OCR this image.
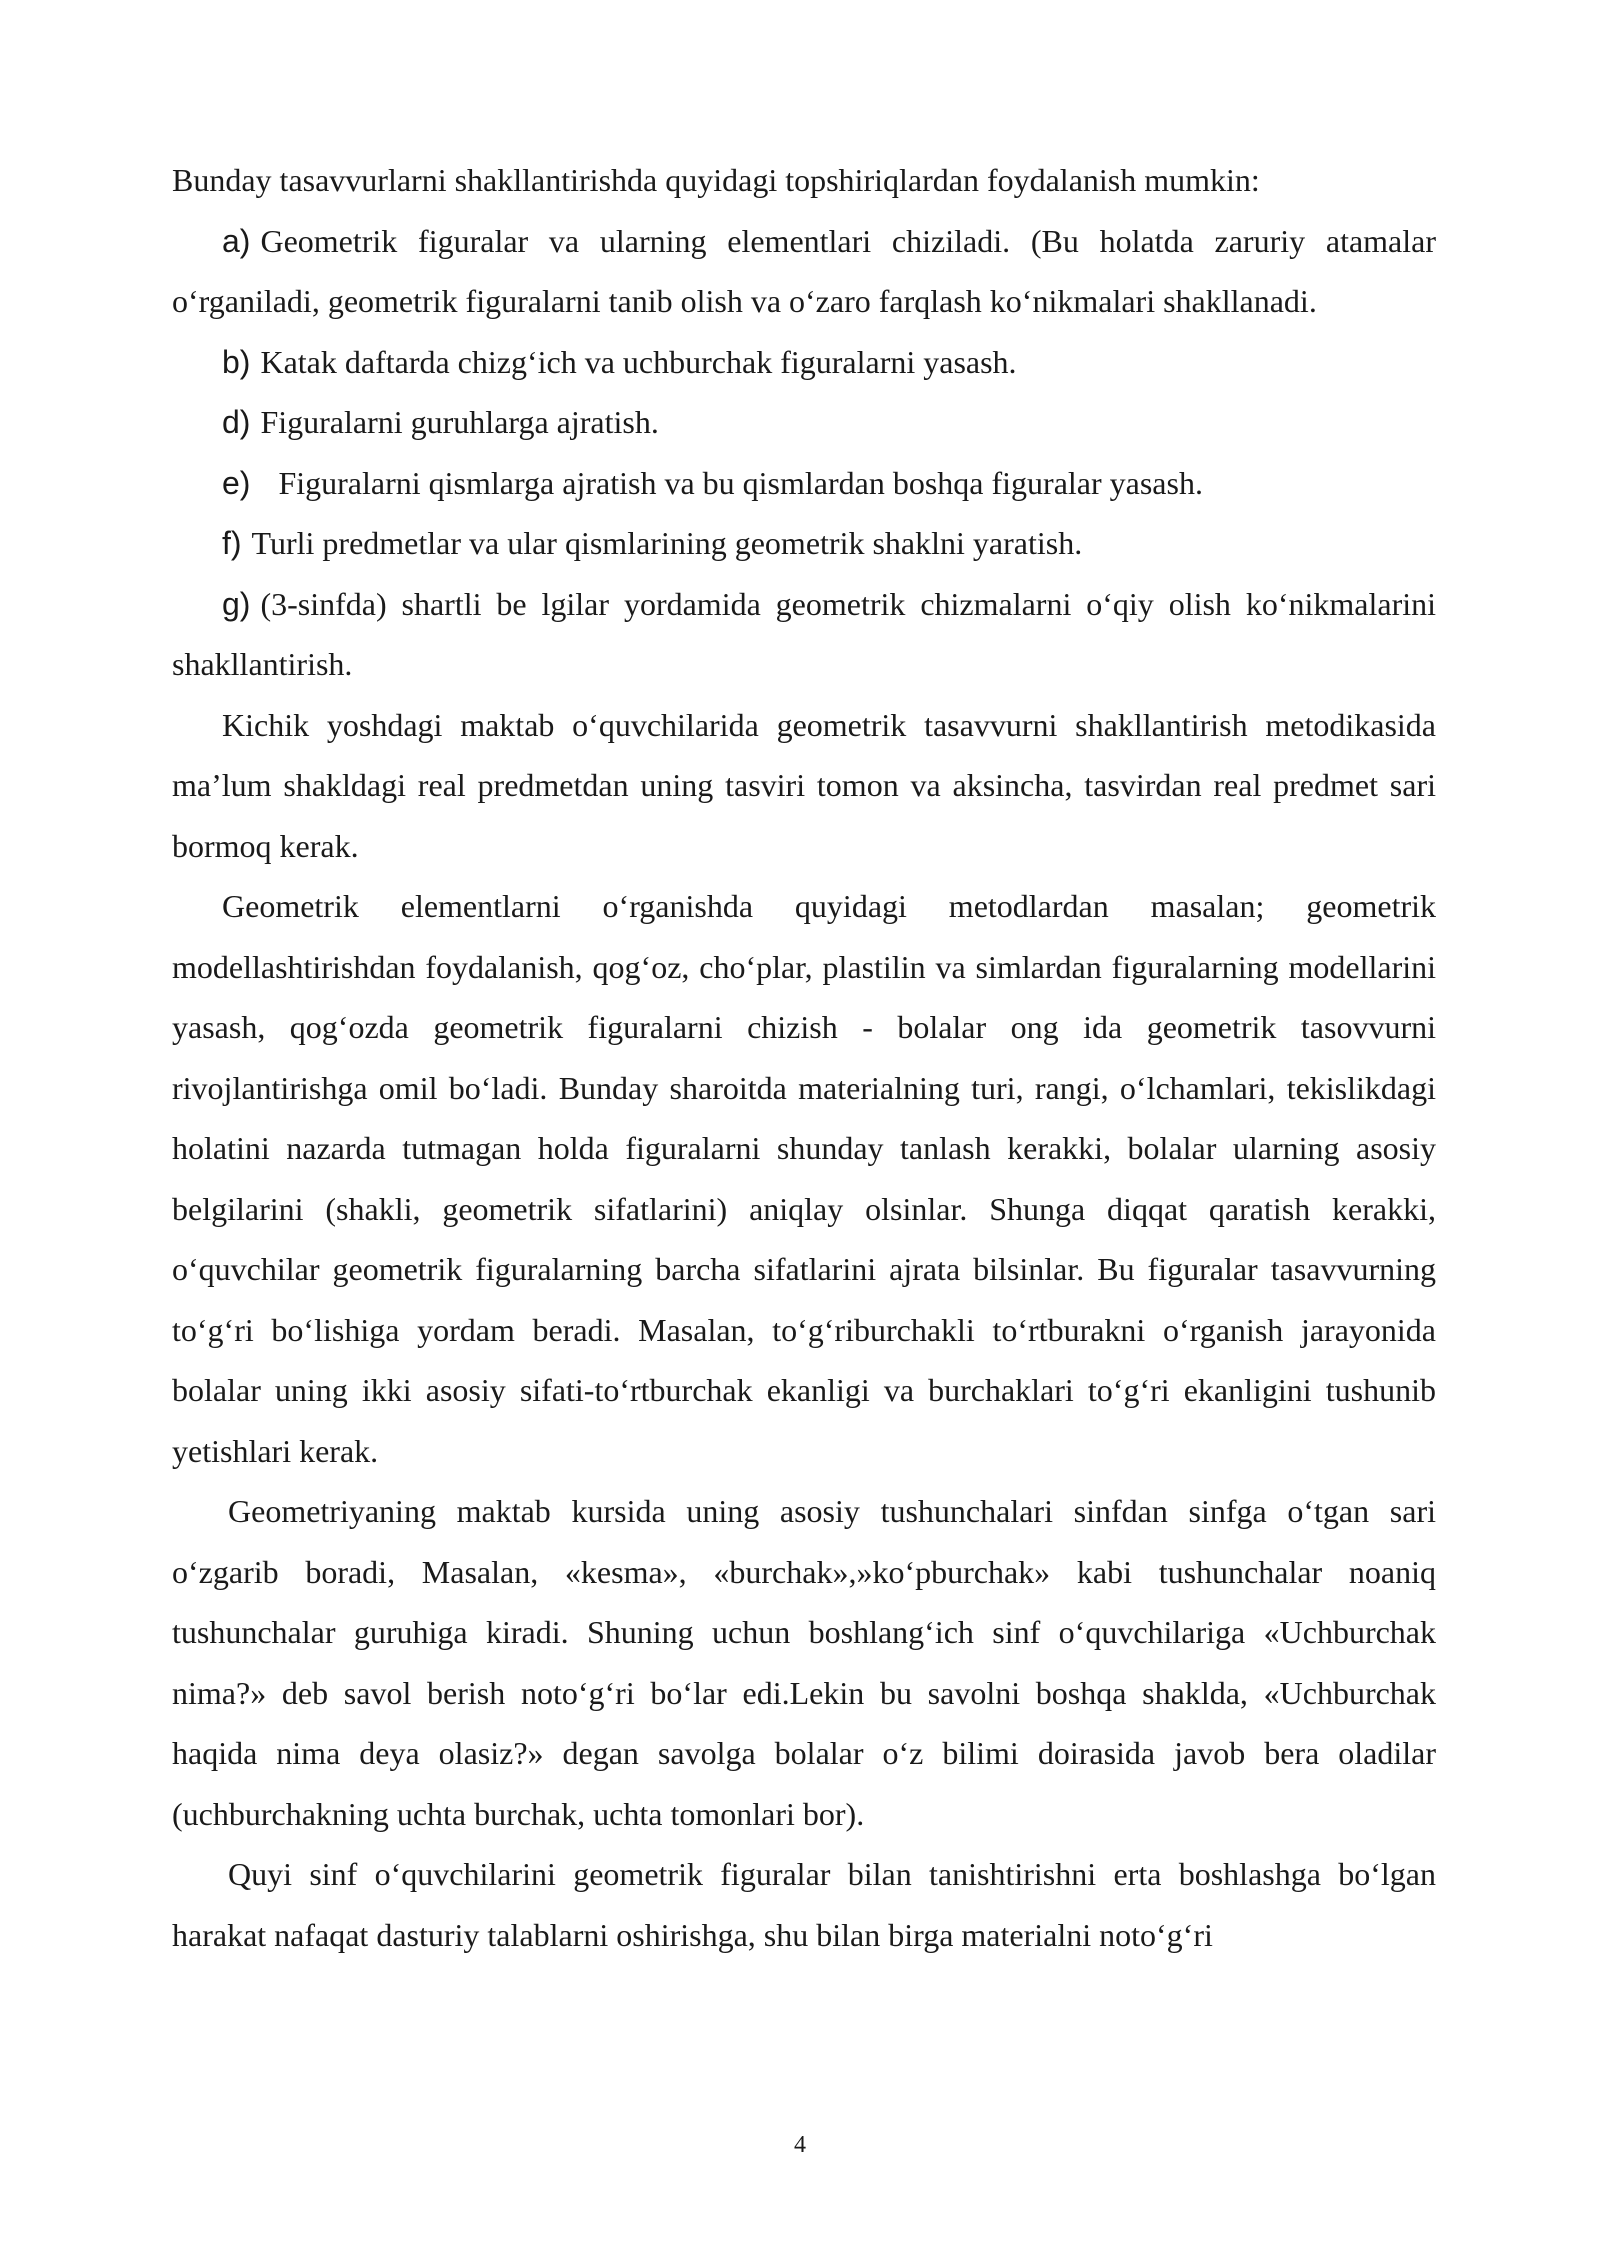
Bunday tasavvurlarni shakllantirishda quyidagi topshiriqlardan foydalanish mumkin:

a) Geometrik figuralar va ularning elementlari chiziladi. (Bu holatda zaruriy atamalar o‘rganiladi, geometrik figuralarni tanib olish va o‘zaro farqlash ko‘nikmalari shakllanadi.

b) Katak daftarda chizg‘ich va uchburchak figuralarni yasash.

d) Figuralarni guruhlarga ajratish.

e) Figuralarni qismlarga ajratish va bu qismlardan boshqa figuralar yasash.

f) Turli predmetlar va ular qismlarining geometrik shaklni yaratish.

g) (3-sinfda) shartli be lgilar yordamida geometrik chizmalarni o‘qiy olish ko‘nikmalarini shakllantirish.

Kichik yoshdagi maktab o‘quvchilarida geometrik tasavvurni shakllantirish metodikasida ma’lum shakldagi real predmetdan uning tasviri tomon va aksincha, tasvirdan real predmet sari bormoq kerak.

Geometrik elementlarni o‘rganishda quyidagi metodlardan masalan; geometrik modellashtirishdan foydalanish, qog‘oz, cho‘plar, plastilin va simlardan figuralarning modellarini yasash, qog‘ozda geometrik figuralarni chizish - bolalar ong ida geometrik tasovvurni rivojlantirishga omil bo‘ladi. Bunday sharoitda materialning turi, rangi, o‘lchamlari, tekislikdagi holatini nazarda tutmagan holda figuralarni shunday tanlash kerakki, bolalar ularning asosiy belgilarini (shakli, geometrik sifatlarini) aniqlay olsinlar. Shunga diqqat qaratish kerakki, o‘quvchilar geometrik figuralarning barcha sifatlarini ajrata bilsinlar. Bu figuralar tasavvurning to‘g‘ri bo‘lishiga yordam beradi. Masalan, to‘g‘riburchakli to‘rtburakni o‘rganish jarayonida bolalar uning ikki asosiy sifati-to‘rtburchak ekanligi va burchaklari to‘g‘ri ekanligini tushunib yetishlari kerak.

Geometriyaning maktab kursida uning asosiy tushunchalari sinfdan sinfga o‘tgan sari o‘zgarib boradi, Masalan, «kesma», «burchak»,»ko‘pburchak» kabi tushunchalar noaniq tushunchalar guruhiga kiradi. Shuning uchun boshlang‘ich sinf o‘quvchilariga «Uchburchak nima?» deb savol berish noto‘g‘ri bo‘lar edi.Lekin bu savolni boshqa shaklda, «Uchburchak haqida nima deya olasiz?» degan savolga bolalar o‘z bilimi doirasida javob bera oladilar (uchburchakning uchta burchak, uchta tomonlari bor).

Quyi sinf o‘quvchilarini geometrik figuralar bilan tanishtirishni erta boshlashga bo‘lgan harakat nafaqat dasturiy talablarni oshirishga, shu bilan birga materialni noto‘g‘ri

4
